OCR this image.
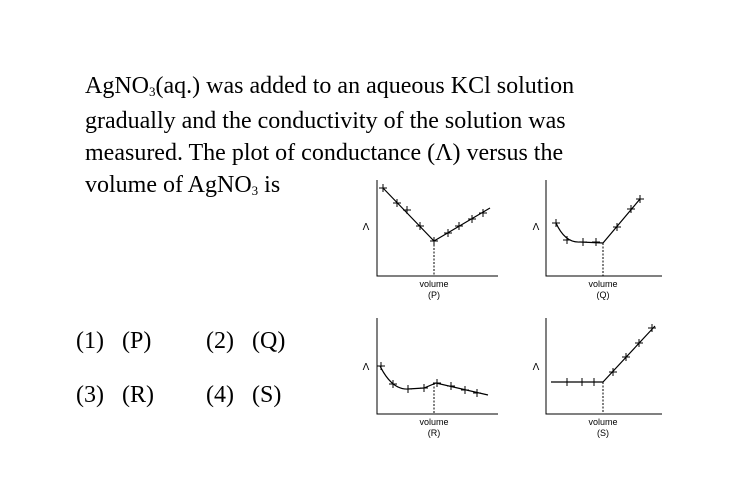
AgNO$_3$(aq.) was added to an aqueous KCl solution
gradually and the conductivity of the solution was
measured. The plot of conductance (Λ) versus the
volume of AgNO$_3$ is
(1) (P) (2) (Q)
(3) (R) (4) (S)
Λ
volume
(P)
Λ
volume
(Q)
Λ
volume
(R)
Λ
volume
(S)
